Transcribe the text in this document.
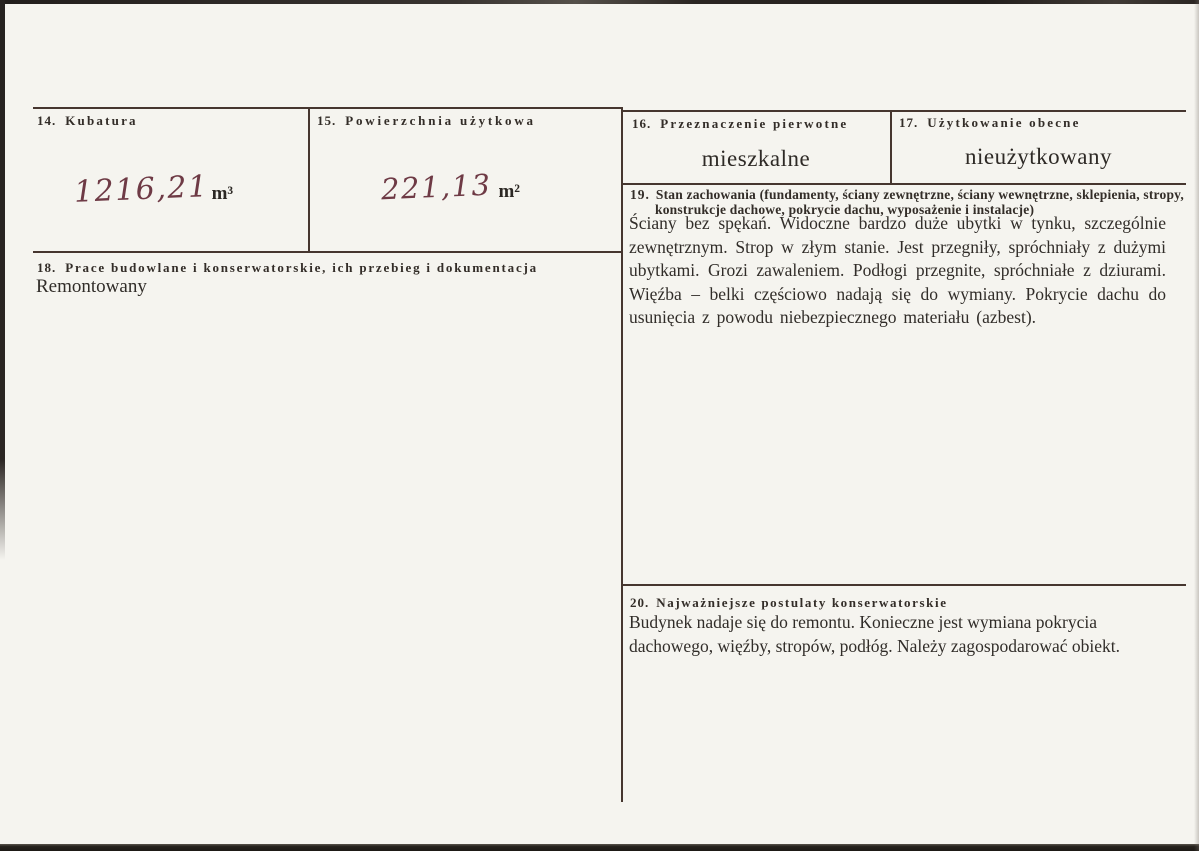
14. Kubatura
1216,21 m³
15. Powierzchnia użytkowa
221,13 m²
16. Przeznaczenie pierwotne
mieszkalne
17. Użytkowanie obecne
nieużytkowany
19. Stan zachowania (fundamenty, ściany zewnętrzne, ściany wewnętrzne, sklepienia, stropy,
konstrukcje dachowe, pokrycie dachu, wyposażenie i instalacje)
Ściany bez spękań. Widoczne bardzo duże ubytki w tynku, szczególnie zewnętrznym. Strop w złym stanie. Jest przegniły, spróchniały z dużymi ubytkami. Grozi zawaleniem. Podłogi przegnite, spróchniałe z dziurami. Więźba – belki częściowo nadają się do wymiany. Pokrycie dachu do usunięcia z powodu niebezpiecznego materiału (azbest).
18. Prace budowlane i konserwatorskie, ich przebieg i dokumentacja
Remontowany
20. Najważniejsze postulaty konserwatorskie
Budynek nadaje się do remontu. Konieczne jest wymiana pokrycia dachowego, więźby, stropów, podłóg. Należy zagospodarować obiekt.
